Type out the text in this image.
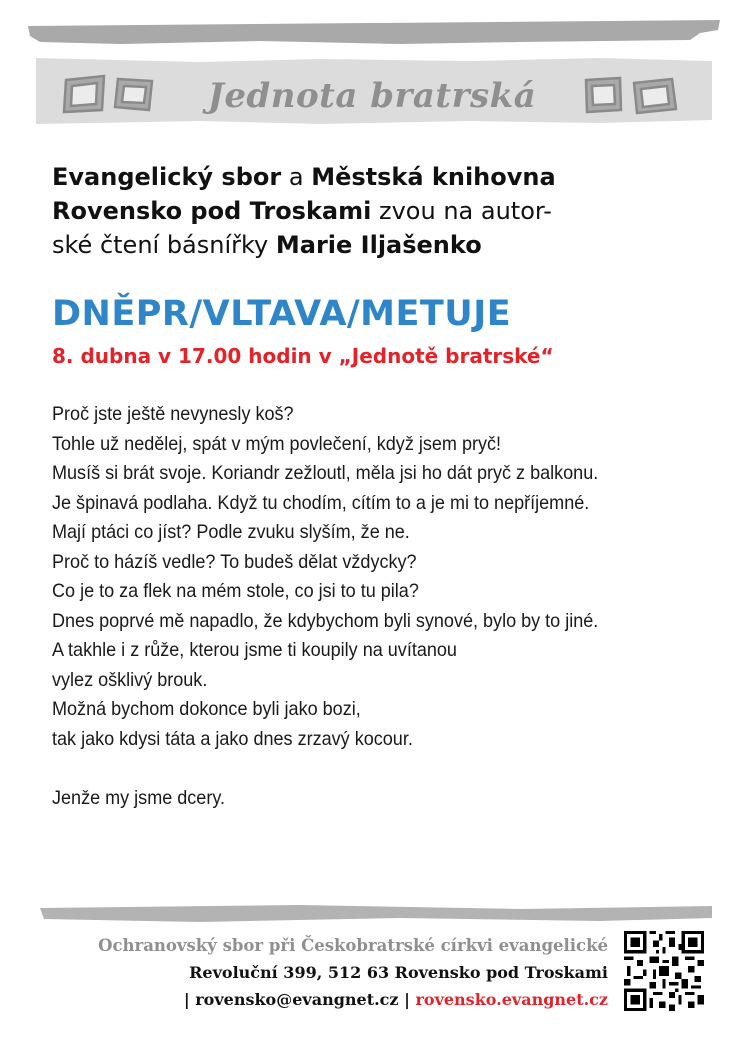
Jednota bratrská
Evangelický sbor a Městská knihovna
Rovensko pod Troskami zvou na autor-
ské čtení básnířky Marie Iljašenko
DNĚPR/VLTAVA/METUJE
8. dubna v 17.00 hodin v „Jednotě bratrské“
Proč jste ještě nevynesly koš?
Tohle už nedělej, spát v mým povlečení, když jsem pryč!
Musíš si brát svoje. Koriandr zežloutl, měla jsi ho dát pryč z balkonu.
Je špinavá podlaha. Když tu chodím, cítím to a je mi to nepříjemné.
Mají ptáci co jíst? Podle zvuku slyším, že ne.
Proč to házíš vedle? To budeš dělat vždycky?
Co je to za flek na mém stole, co jsi to tu pila?
Dnes poprvé mě napadlo, že kdybychom byli synové, bylo by to jiné.
A takhle i z růže, kterou jsme ti koupily na uvítanou
vylez ošklivý brouk.
Možná bychom dokonce byli jako bozi,
tak jako kdysi táta a jako dnes zrzavý kocour.
Jenže my jsme dcery.
Ochranovský sbor při Českobratrské církvi evangelické
Revoluční 399, 512 63 Rovensko pod Troskami
| rovensko@evangnet.cz | rovensko.evangnet.cz
